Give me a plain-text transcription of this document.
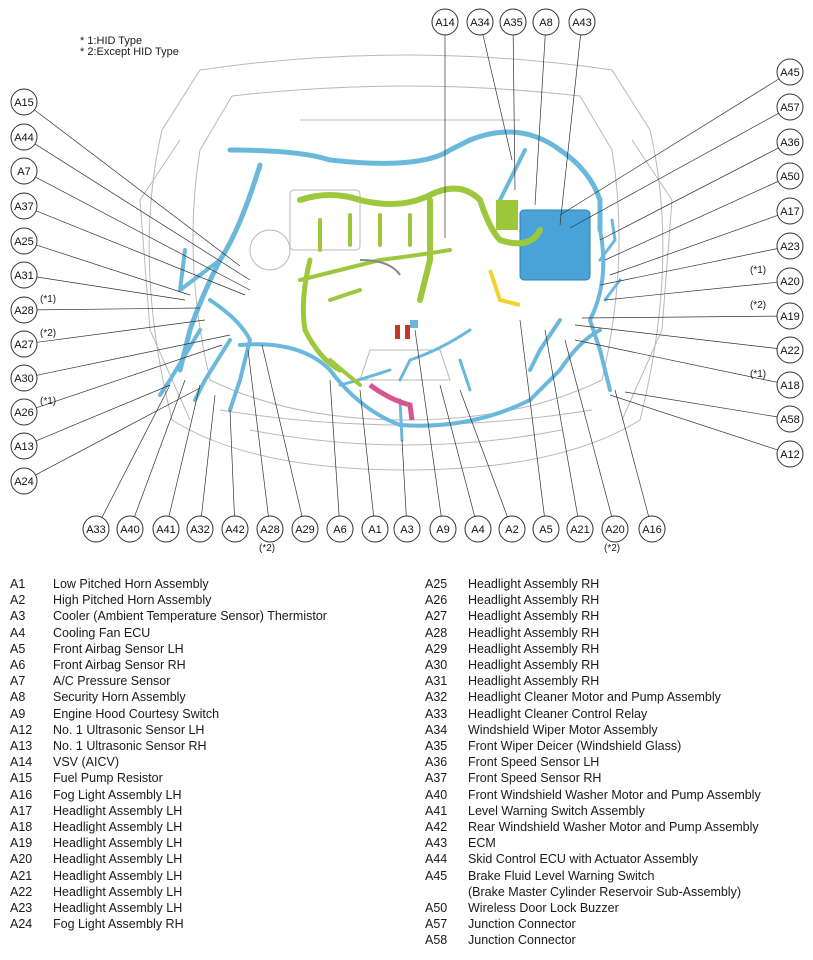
* 1:HID Type
* 2:Except HID Type
A14 A34 A35 A8 A43
A15
A44
A7
A37
A25
A31
A28
A27
A30
A26
A13
A24
A45
A57
A36
A50
A17
A23
A20
A19
A22
A18
A58
A12
A33 A40 A41 A32 A42 A28 A29 A6 A1 A3 A9 A4 A2 A5 A21 A20 A16
(*1)
(*2)
(*1)
(*1)
(*2)
(*1)
(*2)	(*2)
A1	Low Pitched Horn Assembly
A2	High Pitched Horn Assembly
A3	Cooler (Ambient Temperature Sensor) Thermistor
A4	Cooling Fan ECU
A5	Front Airbag Sensor LH
A6	Front Airbag Sensor RH
A7	A/C Pressure Sensor
A8	Security Horn Assembly
A9	Engine Hood Courtesy Switch
A12	No. 1 Ultrasonic Sensor LH
A13	No. 1 Ultrasonic Sensor RH
A14	VSV (AICV)
A15	Fuel Pump Resistor
A16	Fog Light Assembly LH
A17	Headlight Assembly LH
A18	Headlight Assembly LH
A19	Headlight Assembly LH
A20	Headlight Assembly LH
A21	Headlight Assembly LH
A22	Headlight Assembly LH
A23	Headlight Assembly LH
A24	Fog Light Assembly RH
A25	Headlight Assembly RH
A26	Headlight Assembly RH
A27	Headlight Assembly RH
A28	Headlight Assembly RH
A29	Headlight Assembly RH
A30	Headlight Assembly RH
A31	Headlight Assembly RH
A32	Headlight Cleaner Motor and Pump Assembly
A33	Headlight Cleaner Control Relay
A34	Windshield Wiper Motor Assembly
A35	Front Wiper Deicer (Windshield Glass)
A36	Front Speed Sensor LH
A37	Front Speed Sensor RH
A40	Front Windshield Washer Motor and Pump Assembly
A41	Level Warning Switch Assembly
A42	Rear Windshield Washer Motor and Pump Assembly
A43	ECM
A44	Skid Control ECU with Actuator Assembly
A45	Brake Fluid Level Warning Switch
(Brake Master Cylinder Reservoir Sub-Assembly)
A50	Wireless Door Lock Buzzer
A57	Junction Connector
A58	Junction Connector
